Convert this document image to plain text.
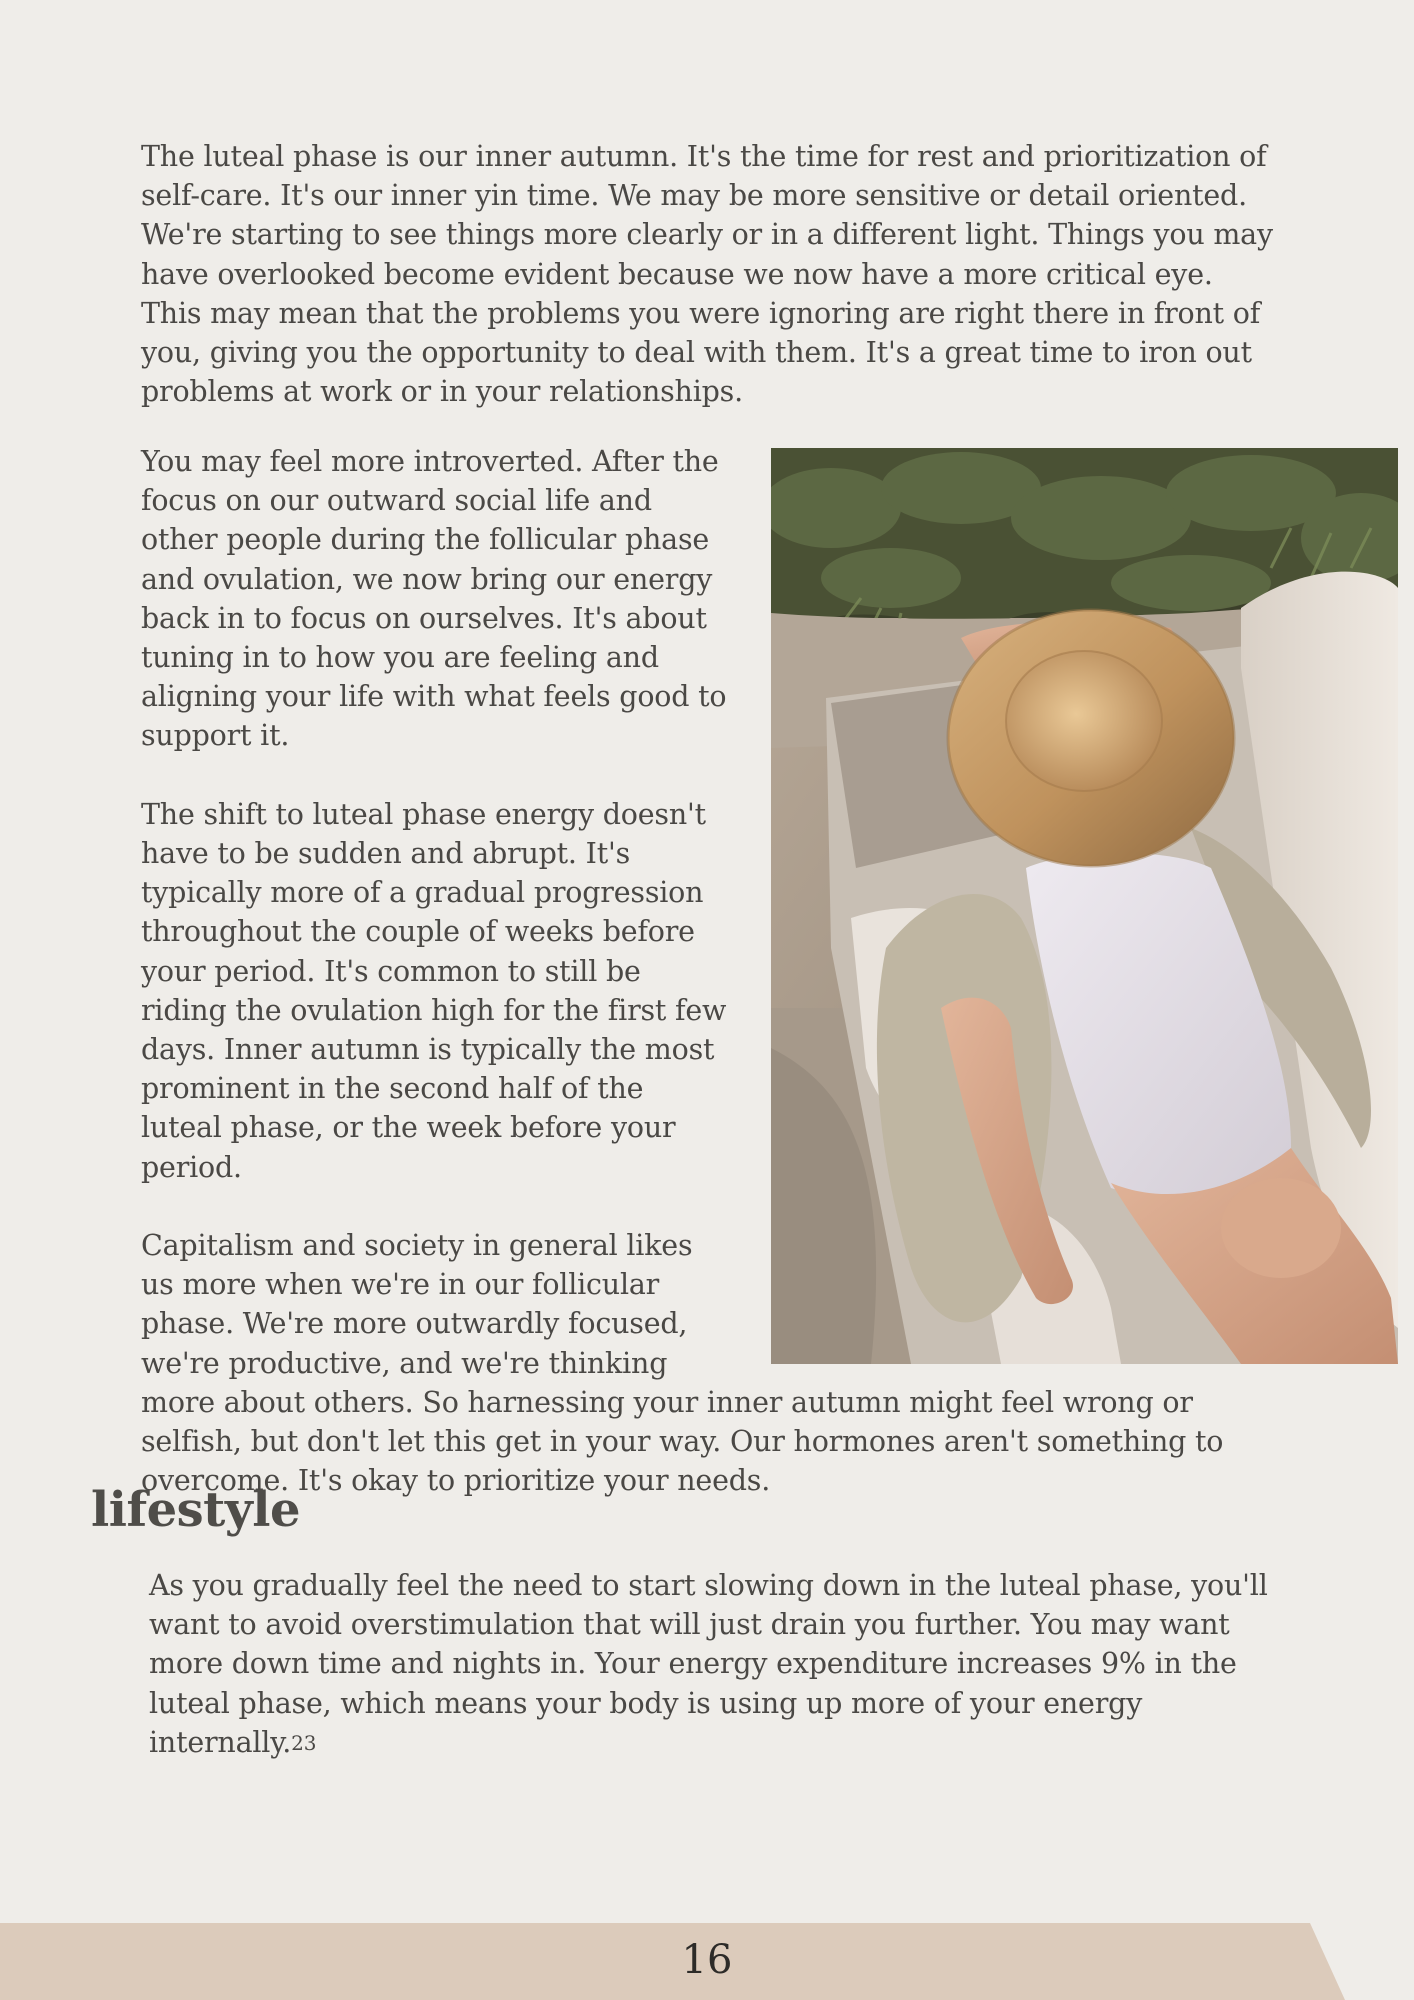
The luteal phase is our inner autumn. It's the time for rest and prioritization of self-care. It's our inner yin time. We may be more sensitive or detail oriented. We're starting to see things more clearly or in a different light. Things you may have overlooked become evident because we now have a more critical eye. This may mean that the problems you were ignoring are right there in front of you, giving you the opportunity to deal with them. It's a great time to iron out problems at work or in your relationships.

You may feel more introverted. After the focus on our outward social life and other people during the follicular phase and ovulation, we now bring our energy back in to focus on ourselves. It's about tuning in to how you are feeling and aligning your life with what feels good to support it.

The shift to luteal phase energy doesn't have to be sudden and abrupt. It's typically more of a gradual progression throughout the couple of weeks before your period. It's common to still be riding the ovulation high for the first few days. Inner autumn is typically the most prominent in the second half of the luteal phase, or the week before your period.

Capitalism and society in general likes us more when we're in our follicular phase. We're more outwardly focused, we're productive, and we're thinking more about others. So harnessing your inner autumn might feel wrong or selfish, but don't let this get in your way. Our hormones aren't something to overcome. It's okay to prioritize your needs.

lifestyle

As you gradually feel the need to start slowing down in the luteal phase, you'll want to avoid overstimulation that will just drain you further. You may want more down time and nights in. Your energy expenditure increases 9% in the luteal phase, which means your body is using up more of your energy internally.23

16
